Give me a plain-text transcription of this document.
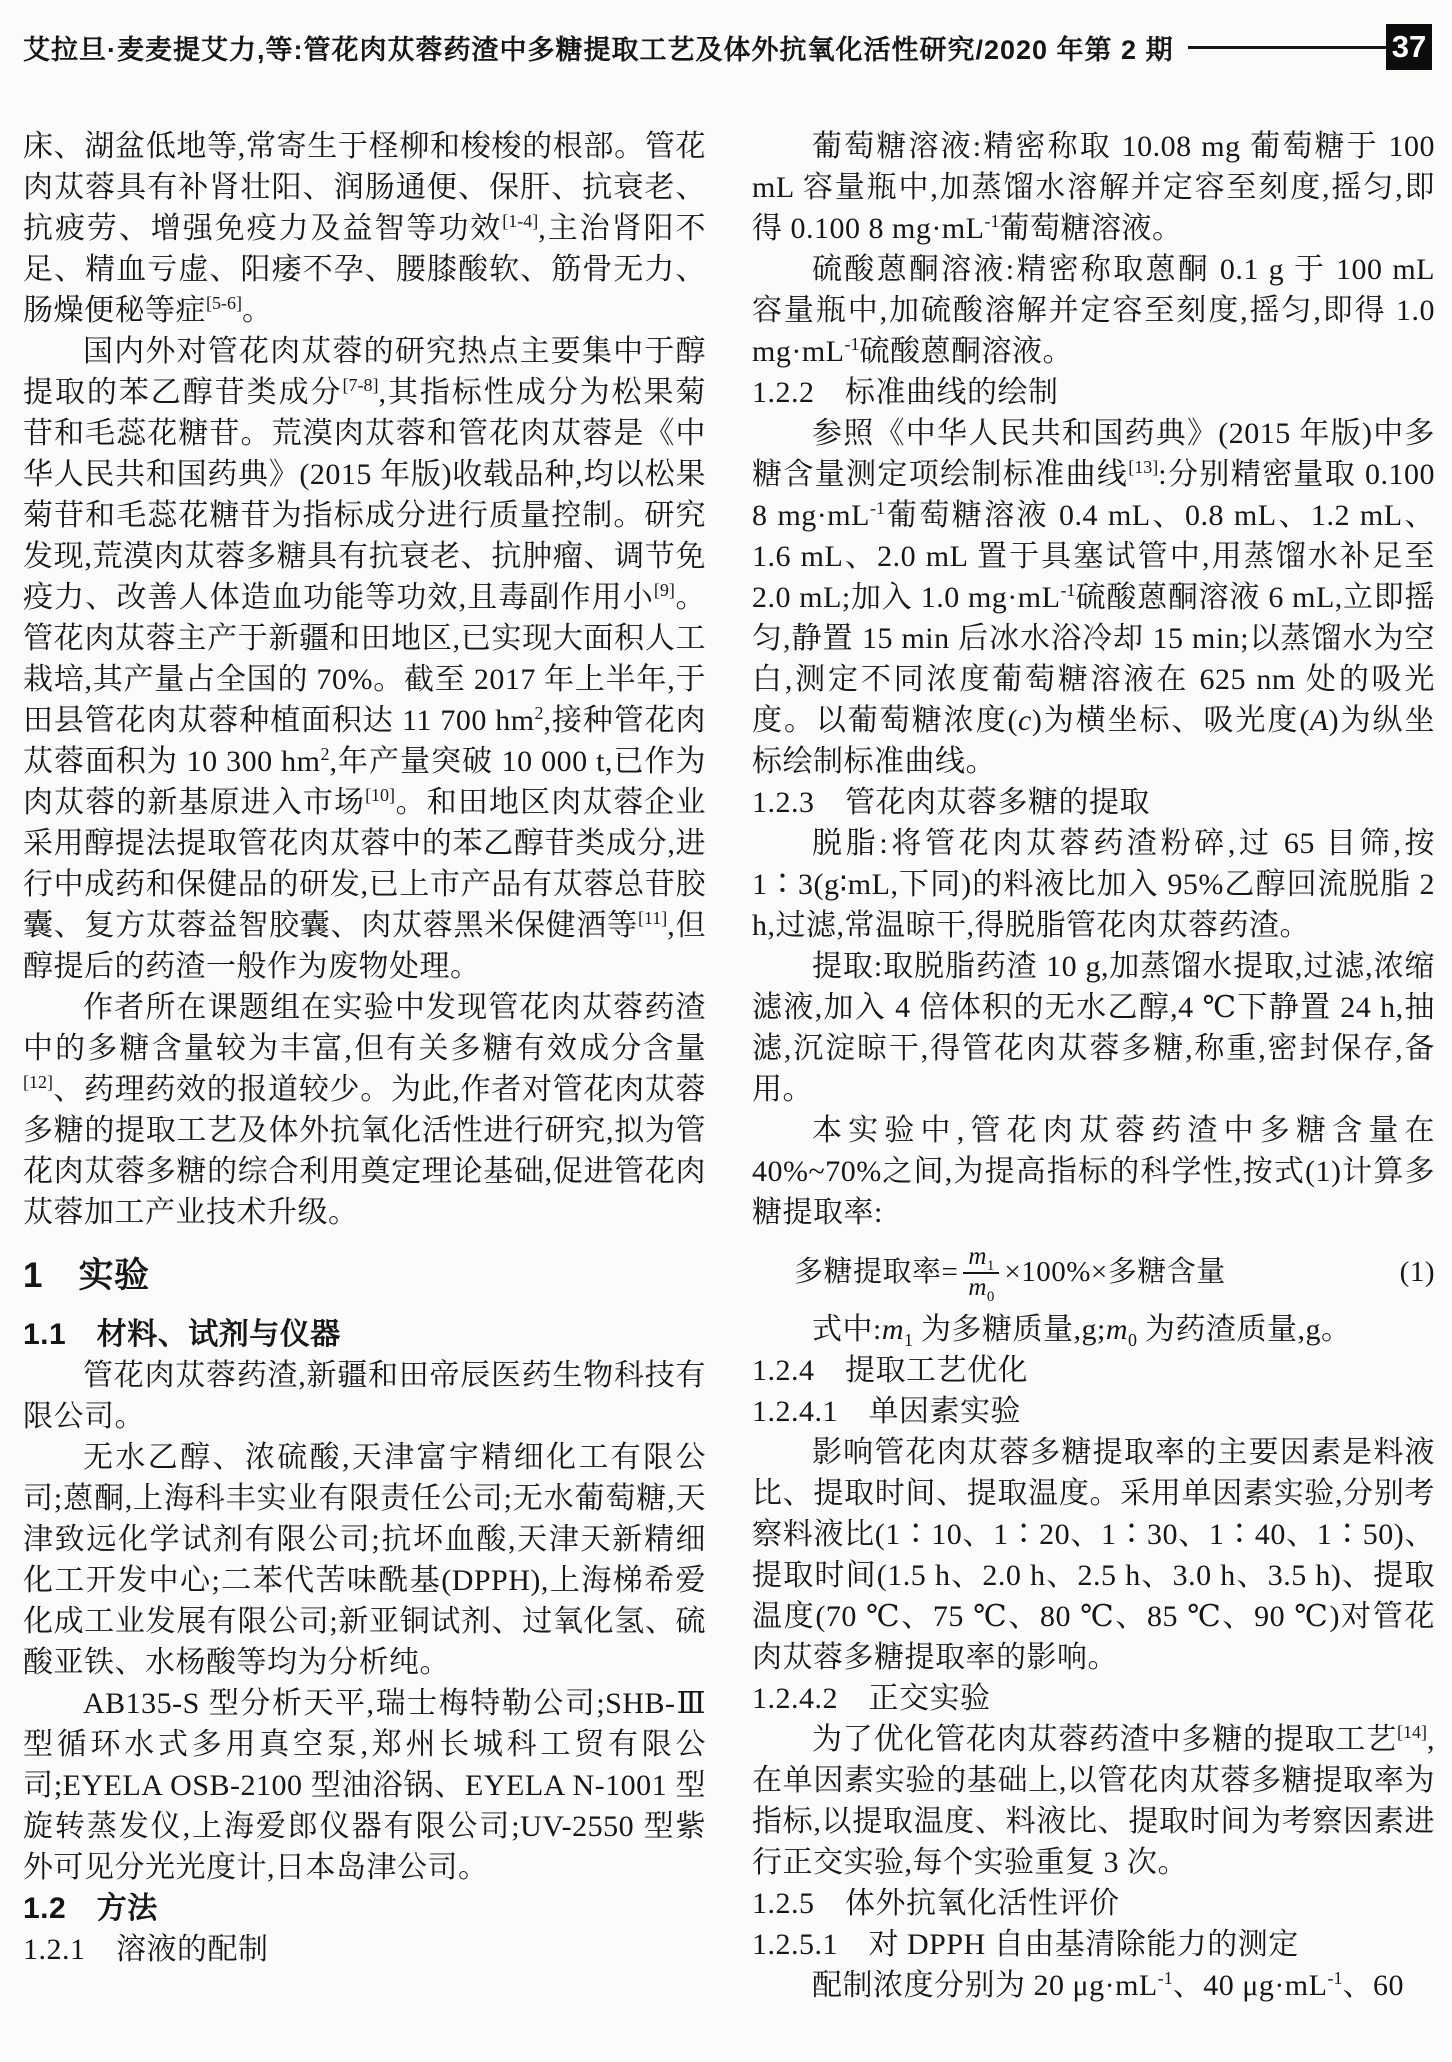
艾拉旦·麦麦提艾力,等:管花肉苁蓉药渣中多糖提取工艺及体外抗氧化活性研究/2020 年第 2 期	37
床、湖盆低地等,常寄生于柽柳和梭梭的根部。管花肉苁蓉具有补肾壮阳、润肠通便、保肝、抗衰老、抗疲劳、增强免疫力及益智等功效[1-4],主治肾阳不足、精血亏虚、阳痿不孕、腰膝酸软、筋骨无力、肠燥便秘等症[5-6]。
国内外对管花肉苁蓉的研究热点主要集中于醇提取的苯乙醇苷类成分[7-8],其指标性成分为松果菊苷和毛蕊花糖苷。荒漠肉苁蓉和管花肉苁蓉是《中华人民共和国药典》(2015 年版)收载品种,均以松果菊苷和毛蕊花糖苷为指标成分进行质量控制。研究发现,荒漠肉苁蓉多糖具有抗衰老、抗肿瘤、调节免疫力、改善人体造血功能等功效,且毒副作用小[9]。管花肉苁蓉主产于新疆和田地区,已实现大面积人工栽培,其产量占全国的 70%。截至 2017 年上半年,于田县管花肉苁蓉种植面积达 11 700 $hm^2$,接种管花肉苁蓉面积为 10 300 $hm^2$,年产量突破 10 000 t,已作为肉苁蓉的新基原进入市场[10]。和田地区肉苁蓉企业采用醇提法提取管花肉苁蓉中的苯乙醇苷类成分,进行中成药和保健品的研发,已上市产品有苁蓉总苷胶囊、复方苁蓉益智胶囊、肉苁蓉黑米保健酒等[11],但醇提后的药渣一般作为废物处理。
作者所在课题组在实验中发现管花肉苁蓉药渣中的多糖含量较为丰富,但有关多糖有效成分含量[12]、药理药效的报道较少。为此,作者对管花肉苁蓉多糖的提取工艺及体外抗氧化活性进行研究,拟为管花肉苁蓉多糖的综合利用奠定理论基础,促进管花肉苁蓉加工产业技术升级。
1　实验
1.1　材料、试剂与仪器
管花肉苁蓉药渣,新疆和田帝辰医药生物科技有限公司。
无水乙醇、浓硫酸,天津富宇精细化工有限公司;蒽酮,上海科丰实业有限责任公司;无水葡萄糖,天津致远化学试剂有限公司;抗坏血酸,天津天新精细化工开发中心;二苯代苦味酰基(DPPH),上海梯希爱化成工业发展有限公司;新亚铜试剂、过氧化氢、硫酸亚铁、水杨酸等均为分析纯。
AB135-S 型分析天平,瑞士梅特勒公司;SHB-Ⅲ型循环水式多用真空泵,郑州长城科工贸有限公司;EYELA OSB-2100 型油浴锅、EYELA N-1001 型旋转蒸发仪,上海爱郎仪器有限公司;UV-2550 型紫外可见分光光度计,日本岛津公司。
1.2　方法
1.2.1　溶液的配制
葡萄糖溶液:精密称取 10.08 mg 葡萄糖于 100 mL 容量瓶中,加蒸馏水溶解并定容至刻度,摇匀,即得 0.100 8 $mg\cdot mL^{-1}$葡萄糖溶液。
硫酸蒽酮溶液:精密称取蒽酮 0.1 g 于 100 mL 容量瓶中,加硫酸溶解并定容至刻度,摇匀,即得 1.0 $mg\cdot mL^{-1}$硫酸蒽酮溶液。
1.2.2　标准曲线的绘制
参照《中华人民共和国药典》(2015 年版)中多糖含量测定项绘制标准曲线[13]:分别精密量取 0.100 8 $mg\cdot mL^{-1}$葡萄糖溶液 0.4 mL、0.8 mL、1.2 mL、1.6 mL、2.0 mL 置于具塞试管中,用蒸馏水补足至 2.0 mL;加入 1.0 $mg\cdot mL^{-1}$硫酸蒽酮溶液 6 mL,立即摇匀,静置 15 min 后冰水浴冷却 15 min;以蒸馏水为空白,测定不同浓度葡萄糖溶液在 625 nm 处的吸光度。以葡萄糖浓度(c)为横坐标、吸光度(A)为纵坐标绘制标准曲线。
1.2.3　管花肉苁蓉多糖的提取
脱脂:将管花肉苁蓉药渣粉碎,过 65 目筛,按 1∶3(g∶mL,下同)的料液比加入 95%乙醇回流脱脂 2 h,过滤,常温晾干,得脱脂管花肉苁蓉药渣。
提取:取脱脂药渣 10 g,加蒸馏水提取,过滤,浓缩滤液,加入 4 倍体积的无水乙醇,4 ℃下静置 24 h,抽滤,沉淀晾干,得管花肉苁蓉多糖,称重,密封保存,备用。
本实验中,管花肉苁蓉药渣中多糖含量在 40%~70%之间,为提高指标的科学性,按式(1)计算多糖提取率:
多糖提取率= $\frac{m_1}{m_0} \times 100\%\times$多糖含量	(1)
式中$:m_1$ 为多糖质量$,g;m_0$ 为药渣质量,g。
1.2.4　提取工艺优化
1.2.4.1　单因素实验
影响管花肉苁蓉多糖提取率的主要因素是料液比、提取时间、提取温度。采用单因素实验,分别考察料液比(1∶10、1∶20、1∶30、1∶40、1∶50)、提取时间(1.5 h、2.0 h、2.5 h、3.0 h、3.5 h)、提取温度(70 ℃、75 ℃、80 ℃、85 ℃、90 ℃)对管花肉苁蓉多糖提取率的影响。
1.2.4.2　正交实验
为了优化管花肉苁蓉药渣中多糖的提取工艺[14],在单因素实验的基础上,以管花肉苁蓉多糖提取率为指标,以提取温度、料液比、提取时间为考察因素进行正交实验,每个实验重复 3 次。
1.2.5　体外抗氧化活性评价
1.2.5.1　对 DPPH 自由基清除能力的测定
配制浓度分别为 20 $\mu g\cdot mL^{-1}$、40 $\mu g\cdot mL^{-1}$、60
